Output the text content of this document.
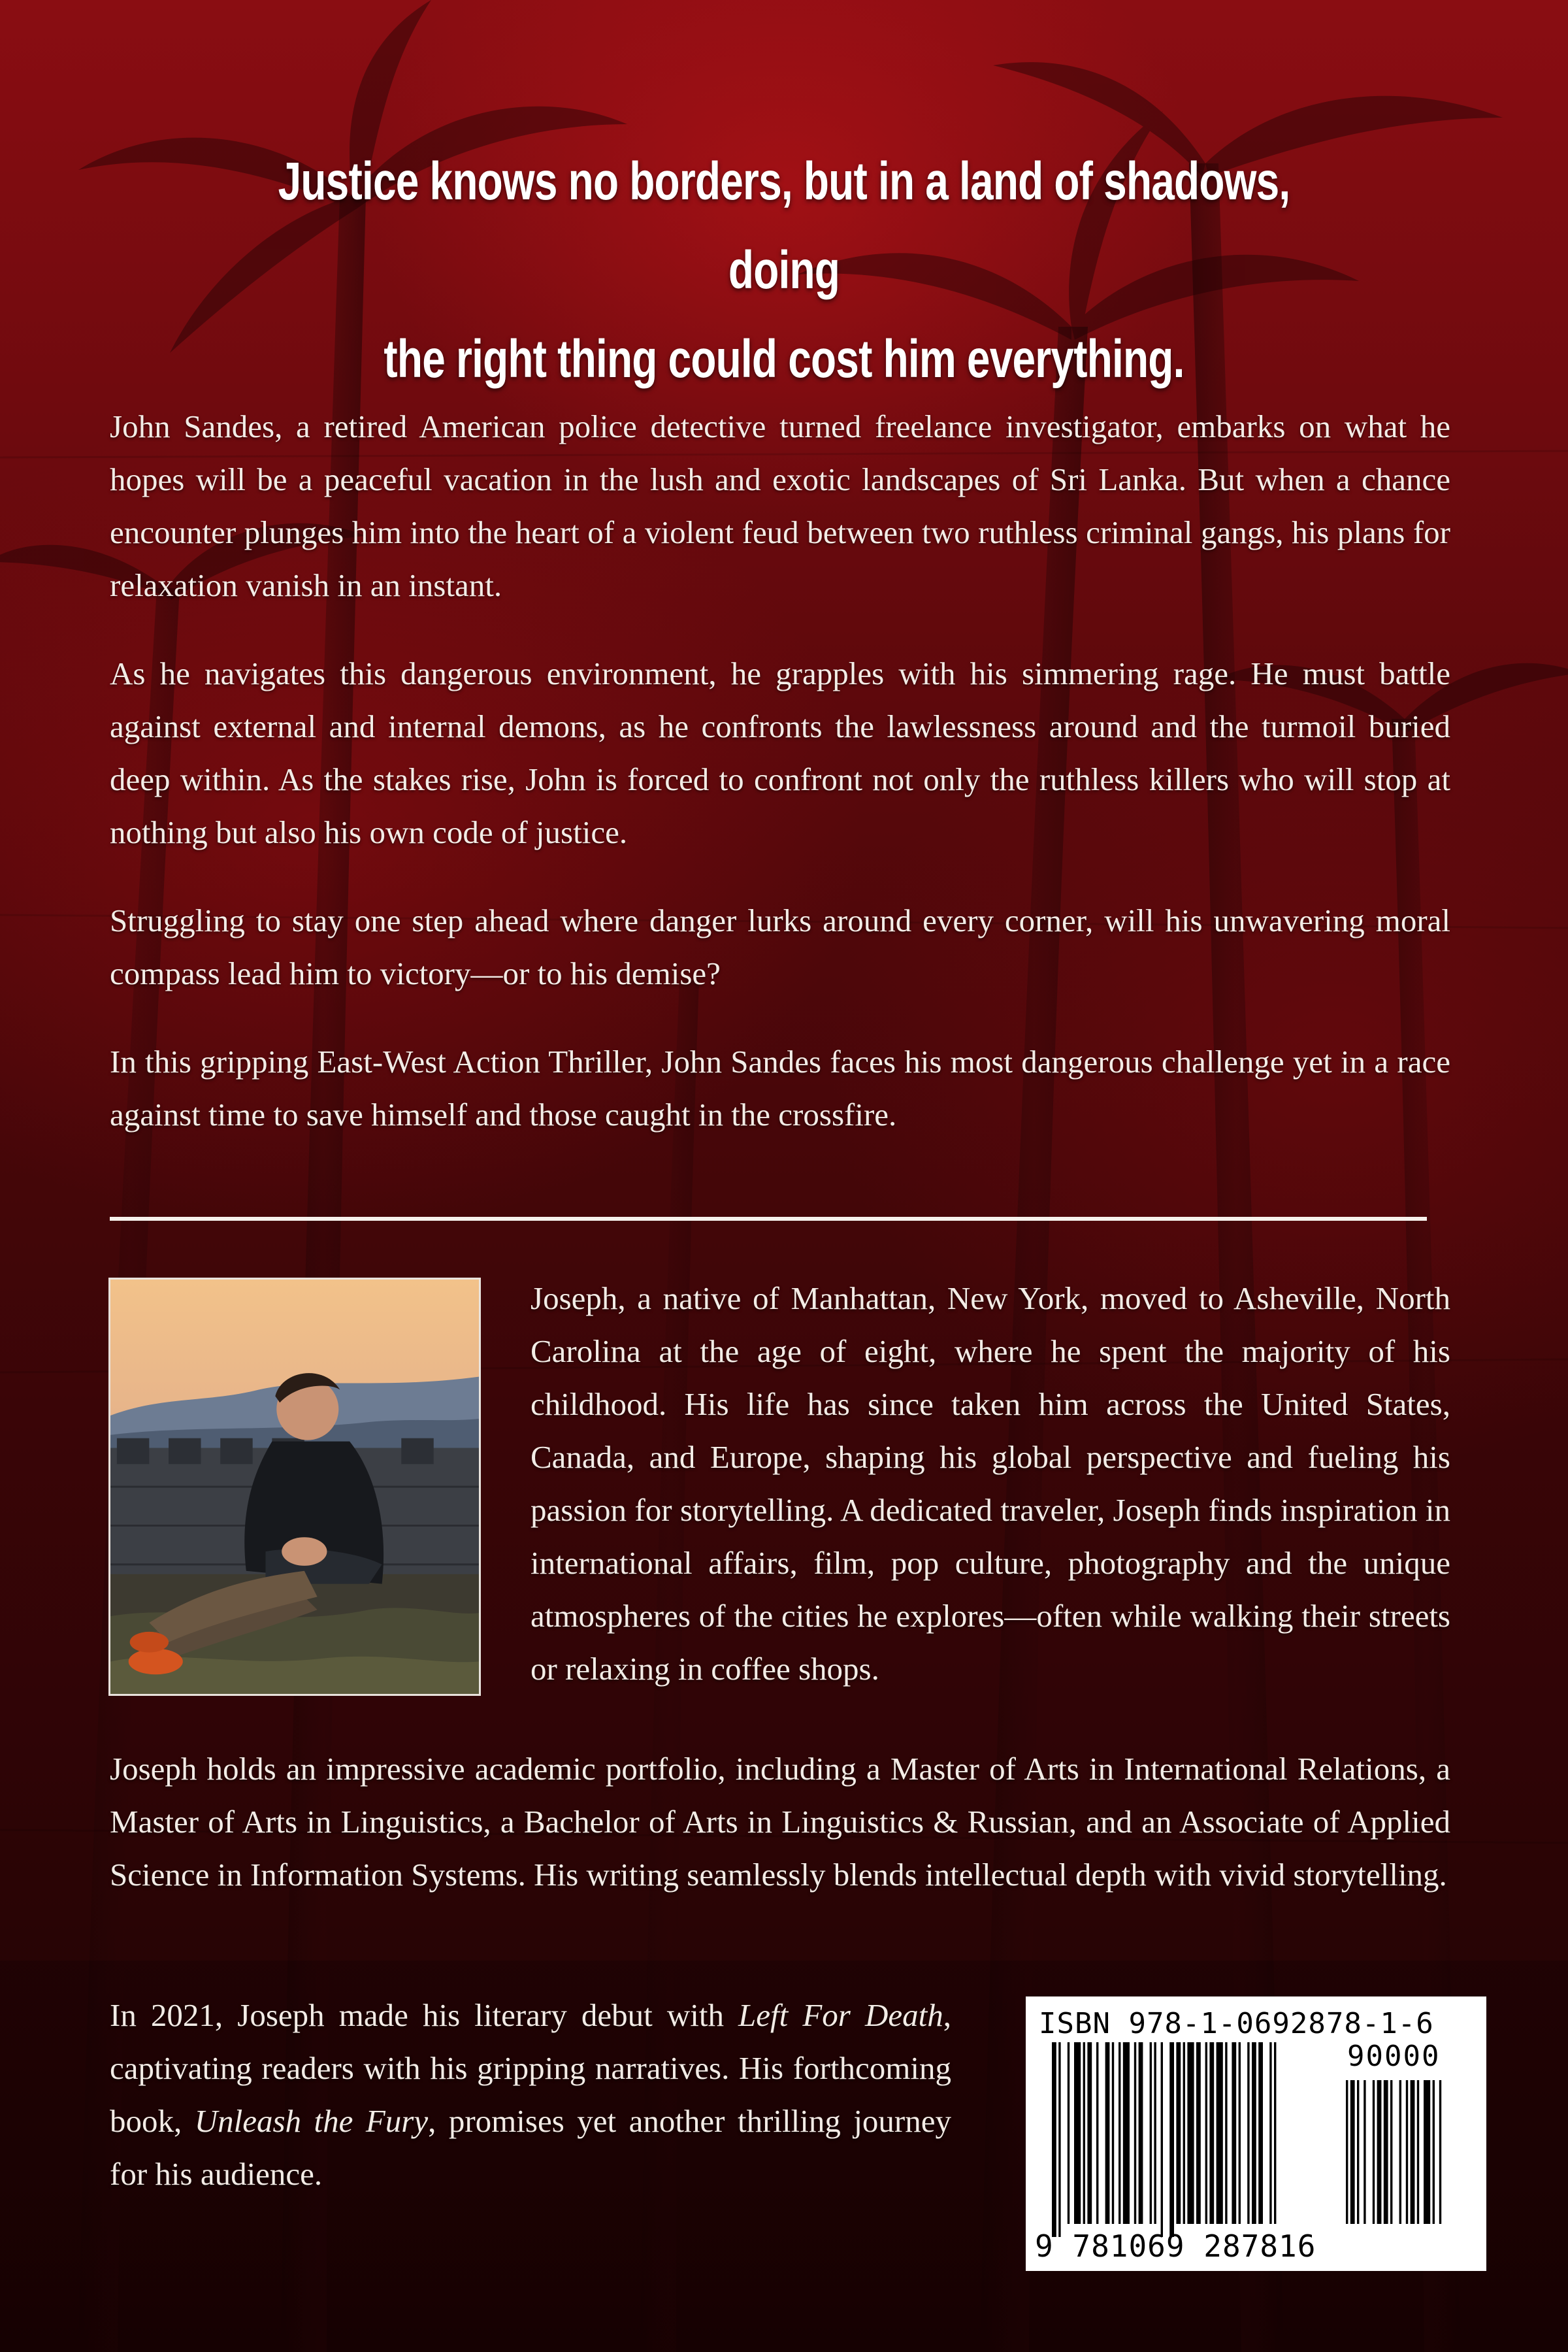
Justice knows no borders, but in a land of shadows, doing
the right thing could cost him everything.

John Sandes, a retired American police detective turned freelance investigator, embarks on what he hopes will be a peaceful vacation in the lush and exotic landscapes of Sri Lanka. But when a chance encounter plunges him into the heart of a violent feud between two ruthless criminal gangs, his plans for relaxation vanish in an instant.

As he navigates this dangerous environment, he grapples with his simmering rage. He must battle against external and internal demons, as he confronts the lawlessness around and the turmoil buried deep within. As the stakes rise, John is forced to confront not only the ruthless killers who will stop at nothing but also his own code of justice.

Struggling to stay one step ahead where danger lurks around every corner, will his unwavering moral compass lead him to victory—or to his demise?

In this gripping East-West Action Thriller, John Sandes faces his most dangerous challenge yet in a race against time to save himself and those caught in the crossfire.

Joseph, a native of Manhattan, New York, moved to Asheville, North Carolina at the age of eight, where he spent the majority of his childhood. His life has since taken him across the United States, Canada, and Europe, shaping his global perspective and fueling his passion for storytelling. A dedicated traveler, Joseph finds inspiration in international affairs, film, pop culture, photography and the unique atmospheres of the cities he explores—often while walking their streets or relaxing in coffee shops.

Joseph holds an impressive academic portfolio, including a Master of Arts in International Relations, a Master of Arts in Linguistics, a Bachelor of Arts in Linguistics & Russian, and an Associate of Applied Science in Information Systems. His writing seamlessly blends intellectual depth with vivid storytelling.

In 2021, Joseph made his literary debut with Left For Death, captivating readers with his gripping narratives. His forthcoming book, Unleash the Fury, promises yet another thrilling journey for his audience.

ISBN 978-1-0692878-1-6
90000
9 781069 287816
